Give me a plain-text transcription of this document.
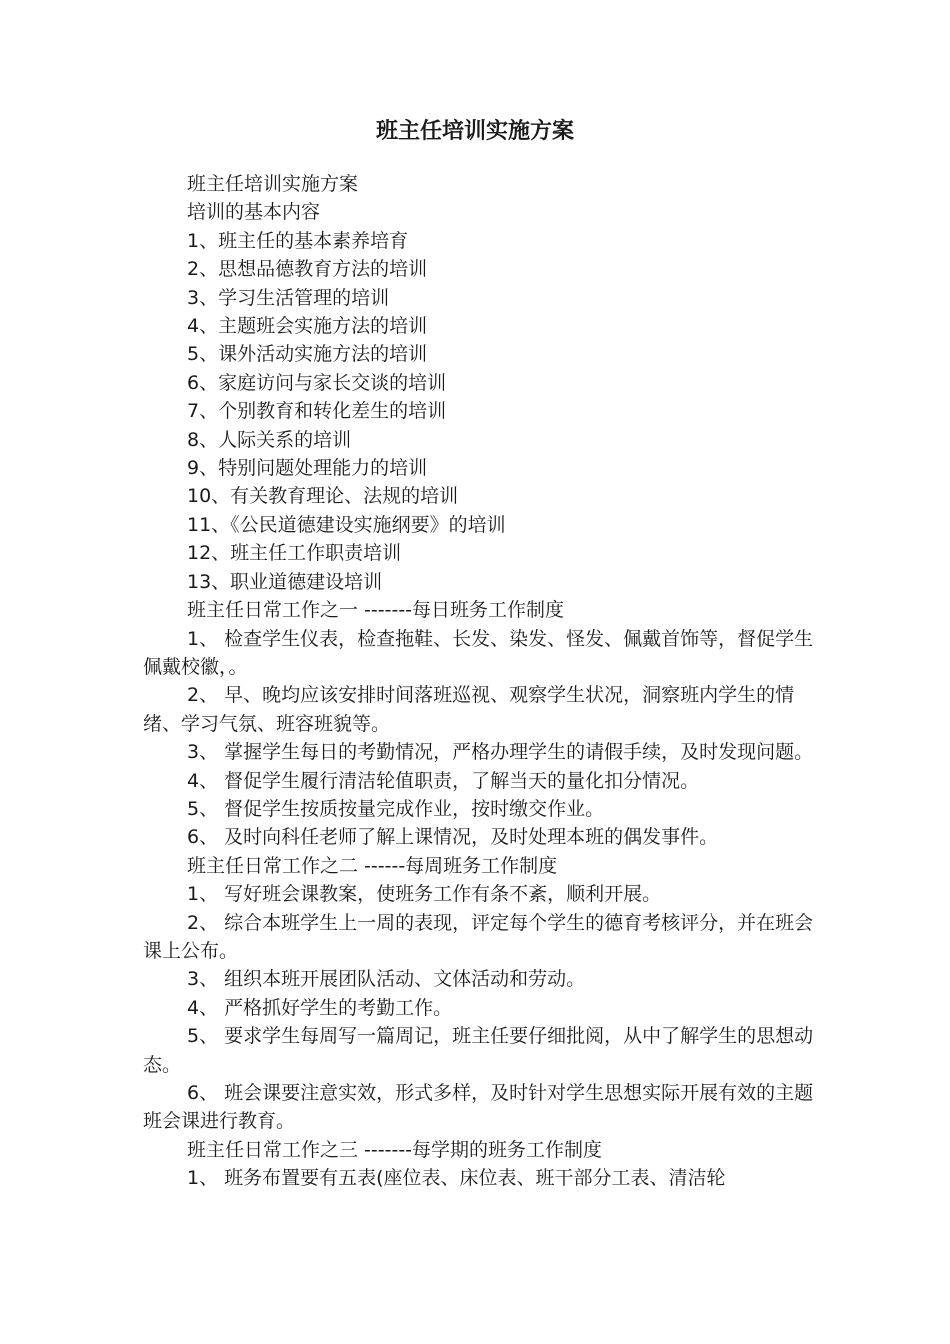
班主任培训实施方案

班主任培训实施方案

培训的基本内容

1、班主任的基本素养培育

2、思想品德教育方法的培训

3、学习生活管理的培训

4、主题班会实施方法的培训

5、课外活动实施方法的培训

6、家庭访问与家长交谈的培训

7、个别教育和转化差生的培训

8、人际关系的培训

9、特别问题处理能力的培训

10、有关教育理论、法规的培训

11、《公民道德建设实施纲要》的培训

12、班主任工作职责培训

13、职业道德建设培训

班主任日常工作之一 -------每日班务工作制度

1、 检查学生仪表，检查拖鞋、长发、染发、怪发、佩戴首饰等，督促学生佩戴校徽，。

2、 早、晚均应该安排时间落班巡视、观察学生状况，洞察班内学生的情绪、学习气氛、班容班貌等。

3、 掌握学生每日的考勤情况，严格办理学生的请假手续，及时发现问题。

4、 督促学生履行清洁轮值职责，了解当天的量化扣分情况。

5、 督促学生按质按量完成作业，按时缴交作业。

6、 及时向科任老师了解上课情况，及时处理本班的偶发事件。

班主任日常工作之二 ------每周班务工作制度

1、 写好班会课教案，使班务工作有条不紊，顺利开展。

2、 综合本班学生上一周的表现，评定每个学生的德育考核评分，并在班会课上公布。

3、 组织本班开展团队活动、文体活动和劳动。

4、 严格抓好学生的考勤工作。

5、 要求学生每周写一篇周记，班主任要仔细批阅，从中了解学生的思想动态。

6、 班会课要注意实效，形式多样，及时针对学生思想实际开展有效的主题班会课进行教育。

班主任日常工作之三 -------每学期的班务工作制度

1、 班务布置要有五表(座位表、床位表、班干部分工表、清洁轮
